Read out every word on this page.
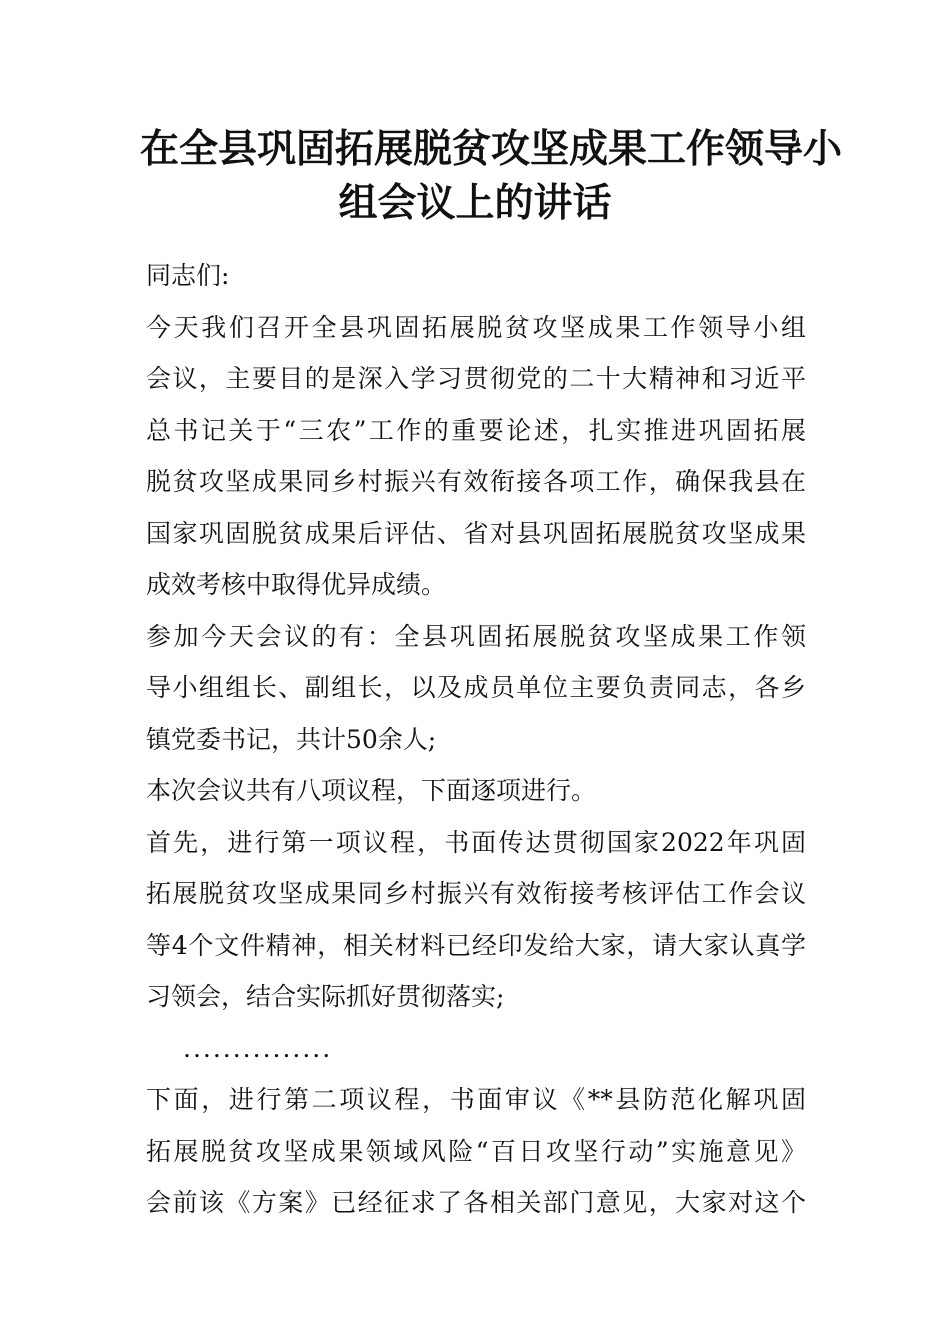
在全县巩固拓展脱贫攻坚成果工作领导小
组会议上的讲话

同志们:

今天我们召开全县巩固拓展脱贫攻坚成果工作领导小组
会议，主要目的是深入学习贯彻党的二十大精神和习近平
总书记关于“三农”工作的重要论述，扎实推进巩固拓展
脱贫攻坚成果同乡村振兴有效衔接各项工作，确保我县在
国家巩固脱贫成果后评估、省对县巩固拓展脱贫攻坚成果
成效考核中取得优异成绩。

参加今天会议的有：全县巩固拓展脱贫攻坚成果工作领
导小组组长、副组长，以及成员单位主要负责同志，各乡
镇党委书记，共计50余人;

本次会议共有八项议程，下面逐项进行。

首先，进行第一项议程，书面传达贯彻国家2022年巩固
拓展脱贫攻坚成果同乡村振兴有效衔接考核评估工作会议
等4个文件精神，相关材料已经印发给大家，请大家认真学
习领会，结合实际抓好贯彻落实;

...............

下面，进行第二项议程，书面审议《**县防范化解巩固
拓展脱贫攻坚成果领域风险“百日攻坚行动”实施意见》
会前该《方案》已经征求了各相关部门意见，大家对这个
